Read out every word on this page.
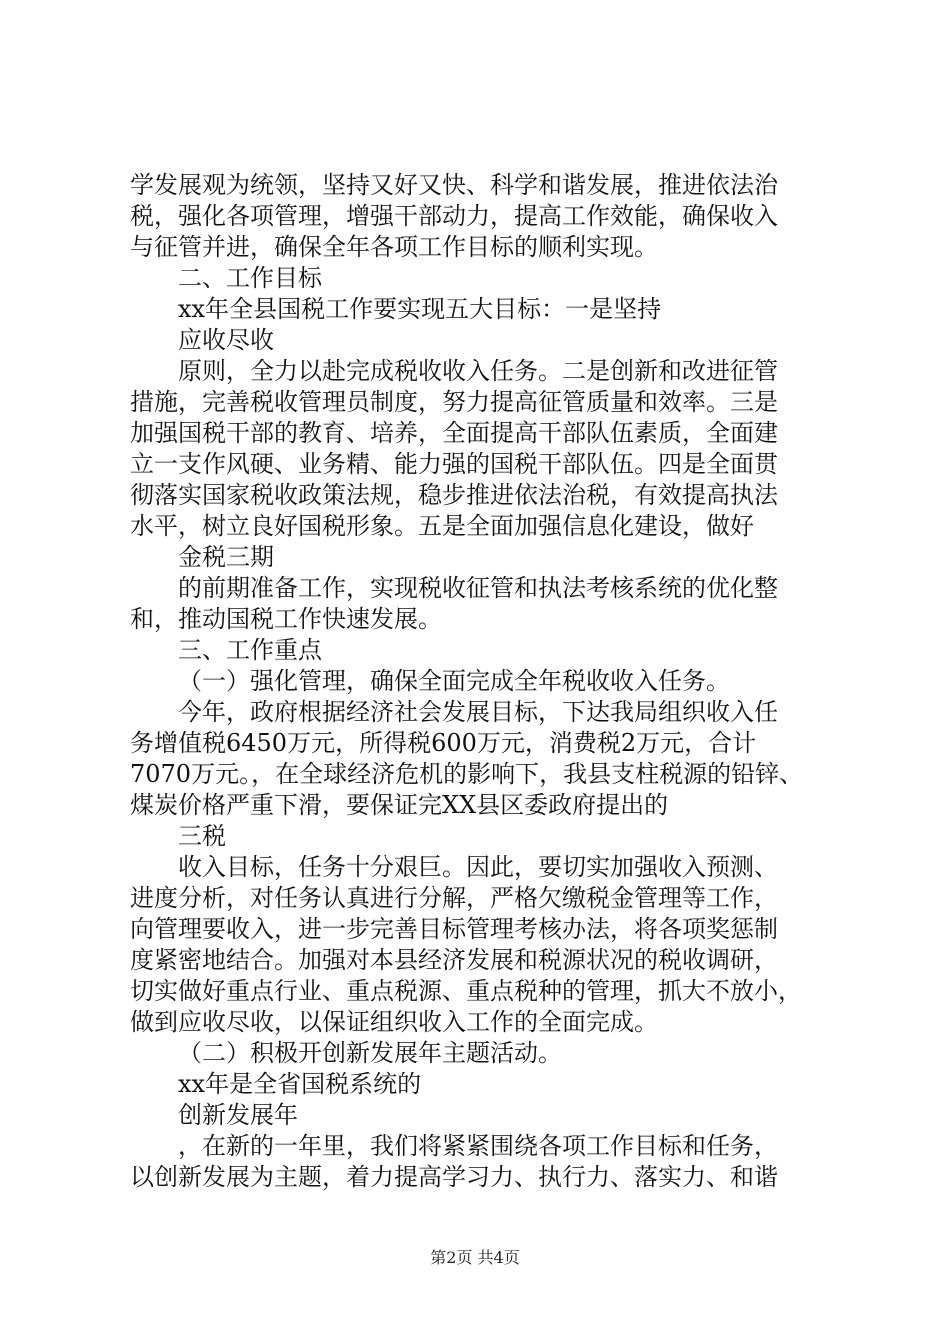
学发展观为统领，坚持又好又快、科学和谐发展，推进依法治
税，强化各项管理，增强干部动力，提高工作效能，确保收入
与征管并进，确保全年各项工作目标的顺利实现。
二、工作目标
xx年全县国税工作要实现五大目标：一是坚持
应收尽收
原则，全力以赴完成税收收入任务。二是创新和改进征管
措施，完善税收管理员制度，努力提高征管质量和效率。三是
加强国税干部的教育、培养，全面提高干部队伍素质，全面建
立一支作风硬、业务精、能力强的国税干部队伍。四是全面贯
彻落实国家税收政策法规，稳步推进依法治税，有效提高执法
水平，树立良好国税形象。五是全面加强信息化建设，做好
金税三期
的前期准备工作，实现税收征管和执法考核系统的优化整
和，推动国税工作快速发展。
三、工作重点
（一）强化管理，确保全面完成全年税收收入任务。
今年，政府根据经济社会发展目标，下达我局组织收入任
务增值税6450万元，所得税600万元，消费税2万元，合计
7070万元。，在全球经济危机的影响下，我县支柱税源的铅锌、
煤炭价格严重下滑，要保证完XX县区委政府提出的
三税
收入目标，任务十分艰巨。因此，要切实加强收入预测、
进度分析，对任务认真进行分解，严格欠缴税金管理等工作，
向管理要收入，进一步完善目标管理考核办法，将各项奖惩制
度紧密地结合。加强对本县经济发展和税源状况的税收调研，
切实做好重点行业、重点税源、重点税种的管理，抓大不放小，
做到应收尽收，以保证组织收入工作的全面完成。
（二）积极开创新发展年主题活动。
xx年是全省国税系统的
创新发展年
，在新的一年里，我们将紧紧围绕各项工作目标和任务，
以创新发展为主题，着力提高学习力、执行力、落实力、和谐
第2页 共4页
